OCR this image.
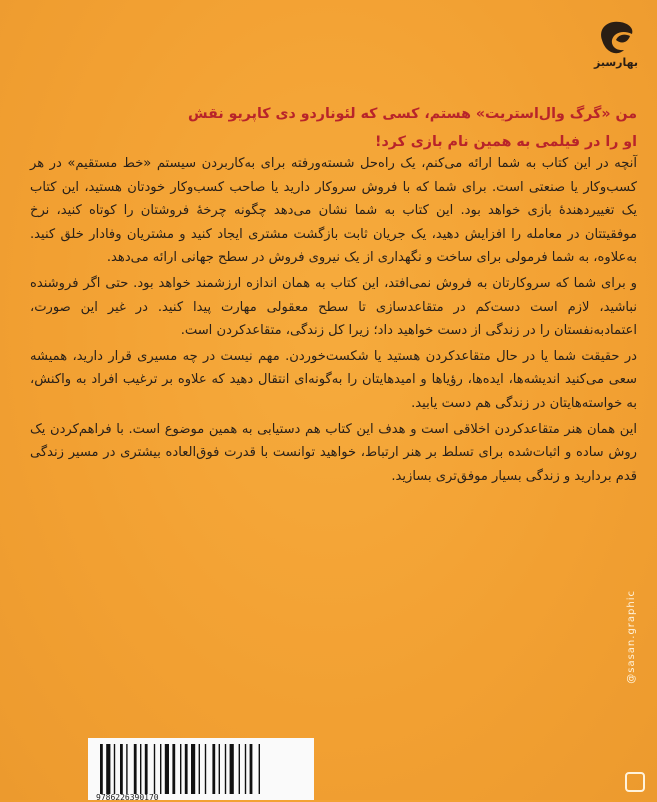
بهارسبز

من «گرگ وال‌استریت» هستم، کسی که لئوناردو دی کاپریو نقش

او را در فیلمی به همین نام بازی کرد!

آنچه در این کتاب به شما ارائه می‌کنم، یک راه‌حل شسته‌ورفته برای به‌کاربردن سیستم «خط مستقیم» در هر کسب‌وکار یا صنعتی است. برای شما که با فروش سروکار دارید یا صاحب کسب‌وکار خودتان هستید، این کتاب یک تغییردهندهٔ بازی خواهد بود. این کتاب به شما نشان می‌دهد چگونه چرخهٔ فروشتان را کوتاه کنید، نرخ موفقیتتان در معامله را افزایش دهید، یک جریان ثابت بازگشت مشتری ایجاد کنید و مشتریان وفادار خلق کنید. به‌علاوه، به شما فرمولی برای ساخت و نگهداری از یک نیروی فروش در سطح جهانی ارائه می‌دهد.

و برای شما که سروکارتان به فروش نمی‌افتد، این کتاب به همان اندازه ارزشمند خواهد بود. حتی اگر فروشنده نباشید، لازم است دست‌کم در متقاعدسازی تا سطح معقولی مهارت پیدا کنید. در غیر این صورت، اعتمادبه‌نفستان را در زندگی از دست خواهید داد؛ زیرا کل زندگی، متقاعدکردن است.

در حقیقت شما یا در حال متقاعدکردن هستید یا شکست‌خوردن. مهم نیست در چه مسیری قرار دارید، همیشه سعی می‌کنید اندیشه‌ها، ایده‌ها، رؤیاها و امیدهایتان را به‌گونه‌ای انتقال دهید که علاوه بر ترغیب افراد به واکنش، به خواسته‌هایتان در زندگی هم دست یابید.

این همان هنر متقاعدکردن اخلاقی است و هدف این کتاب هم دستیابی به همین موضوع است. با فراهم‌کردن یک روش ساده و اثبات‌شده برای تسلط بر هنر ارتباط، خواهید توانست با قدرت فوق‌العاده بیشتری در مسیر زندگی قدم بردارید و زندگی بسیار موفق‌تری بسازید.

@sasan.graphic
9786226390170
